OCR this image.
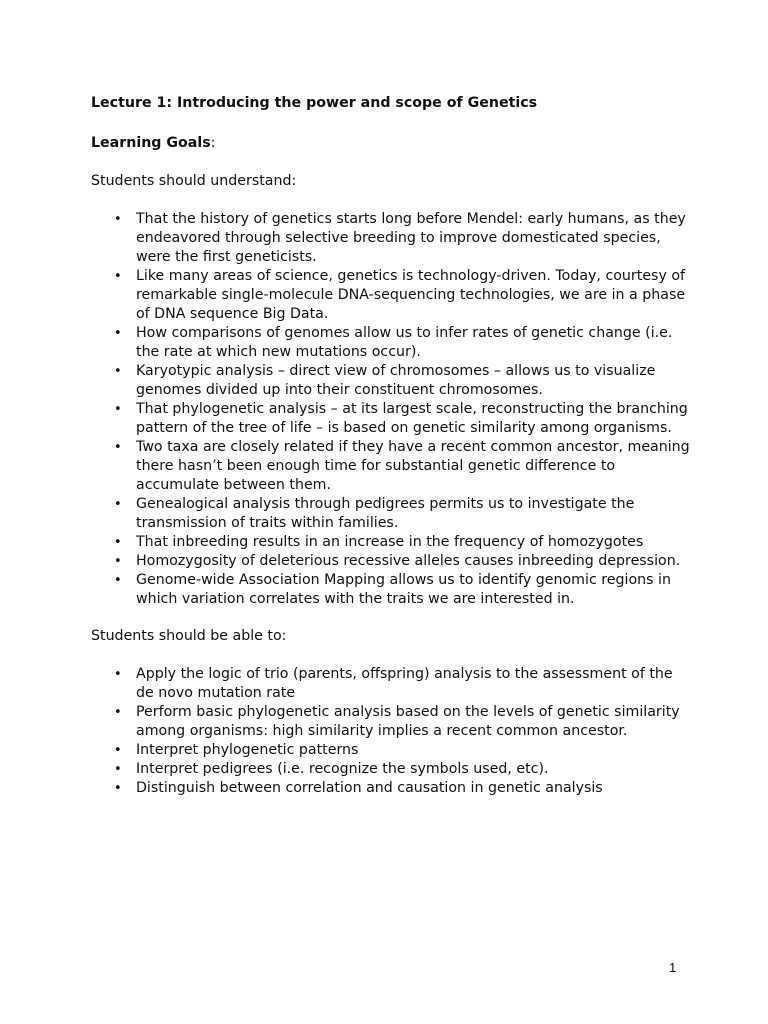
Lecture 1: Introducing the power and scope of Genetics

Learning Goals:

Students should understand:

• That the history of genetics starts long before Mendel: early humans, as they endeavored through selective breeding to improve domesticated species, were the first geneticists.
• Like many areas of science, genetics is technology-driven. Today, courtesy of remarkable single-molecule DNA-sequencing technologies, we are in a phase of DNA sequence Big Data.
• How comparisons of genomes allow us to infer rates of genetic change (i.e. the rate at which new mutations occur).
• Karyotypic analysis – direct view of chromosomes – allows us to visualize genomes divided up into their constituent chromosomes.
• That phylogenetic analysis – at its largest scale, reconstructing the branching pattern of the tree of life – is based on genetic similarity among organisms.
• Two taxa are closely related if they have a recent common ancestor, meaning there hasn’t been enough time for substantial genetic difference to accumulate between them.
• Genealogical analysis through pedigrees permits us to investigate the transmission of traits within families.
• That inbreeding results in an increase in the frequency of homozygotes
• Homozygosity of deleterious recessive alleles causes inbreeding depression.
• Genome-wide Association Mapping allows us to identify genomic regions in which variation correlates with the traits we are interested in.

Students should be able to:

• Apply the logic of trio (parents, offspring) analysis to the assessment of the de novo mutation rate
• Perform basic phylogenetic analysis based on the levels of genetic similarity among organisms: high similarity implies a recent common ancestor.
• Interpret phylogenetic patterns
• Interpret pedigrees (i.e. recognize the symbols used, etc).
• Distinguish between correlation and causation in genetic analysis
1
